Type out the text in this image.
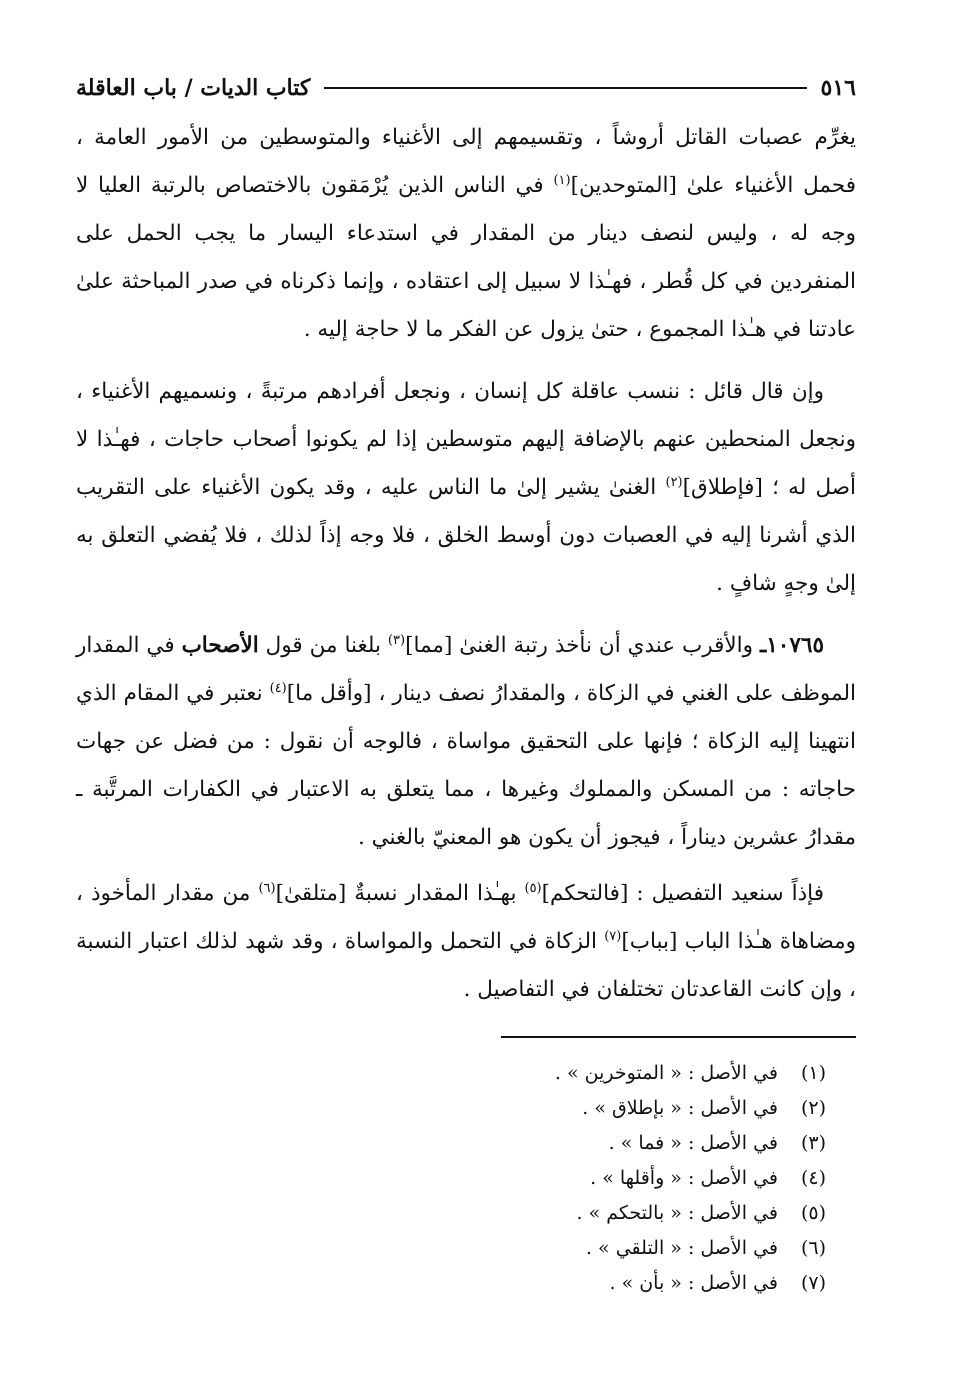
٥١٦
كتاب الديات / باب العاقلة

يغرِّم عصبات القاتل أروشاً ، وتقسيمهم إلى الأغنياء والمتوسطين من الأمور العامة ، فحمل الأغنياء علىٰ [المتوحدين]$^{(١)}$ في الناس الذين يُرْمَقون بالاختصاص بالرتبة العليا لا وجه له ، وليس لنصف دينار من المقدار في استدعاء اليسار ما يجب الحمل على المنفردين في كل قُطر ، فهـٰذا لا سبيل إلى اعتقاده ، وإنما ذكرناه في صدر المباحثة علىٰ عادتنا في هـٰذا المجموع ، حتىٰ يزول عن الفكر ما لا حاجة إليه .

وإن قال قائل : ننسب عاقلة كل إنسان ، ونجعل أفرادهم مرتبةً ، ونسميهم الأغنياء ، ونجعل المنحطين عنهم بالإضافة إليهم متوسطين إذا لم يكونوا أصحاب حاجات ، فهـٰذا لا أصل له ؛ [فإطلاق]$^{(٢)}$ الغنىٰ يشير إلىٰ ما الناس عليه ، وقد يكون الأغنياء على التقريب الذي أشرنا إليه في العصبات دون أوسط الخلق ، فلا وجه إذاً لذلك ، فلا يُفضي التعلق به إلىٰ وجهٍ شافٍ .

١٠٧٦٥ـ والأقرب عندي أن نأخذ رتبة الغنىٰ [مما]$^{(٣)}$ بلغنا من قول الأصحاب في المقدار الموظف على الغني في الزكاة ، والمقدارُ نصف دينار ، [وأقل ما]$^{(٤)}$ نعتبر في المقام الذي انتهينا إليه الزكاة ؛ فإنها على التحقيق مواساة ، فالوجه أن نقول : من فضل عن جهات حاجاته : من المسكن والمملوك وغيرها ، مما يتعلق به الاعتبار في الكفارات المرتَّبة ـ مقدارُ عشرين ديناراً ، فيجوز أن يكون هو المعنيّ بالغني .

فإذاً سنعيد التفصيل : [فالتحكم]$^{(٥)}$ بهـٰذا المقدار نسبةٌ [متلقىٰ]$^{(٦)}$ من مقدار المأخوذ ، ومضاهاة هـٰذا الباب [بباب]$^{(٧)}$ الزكاة في التحمل والمواساة ، وقد شهد لذلك اعتبار النسبة ، وإن كانت القاعدتان تختلفان في التفاصيل .

(١)
في الأصل : « المتوخرين » .
(٢)
في الأصل : « بإطلاق » .
(٣)
في الأصل : « فما » .
(٤)
في الأصل : « وأقلها » .
(٥)
في الأصل : « بالتحكم » .
(٦)
في الأصل : « التلقي » .
(٧)
في الأصل : « بأن » .
